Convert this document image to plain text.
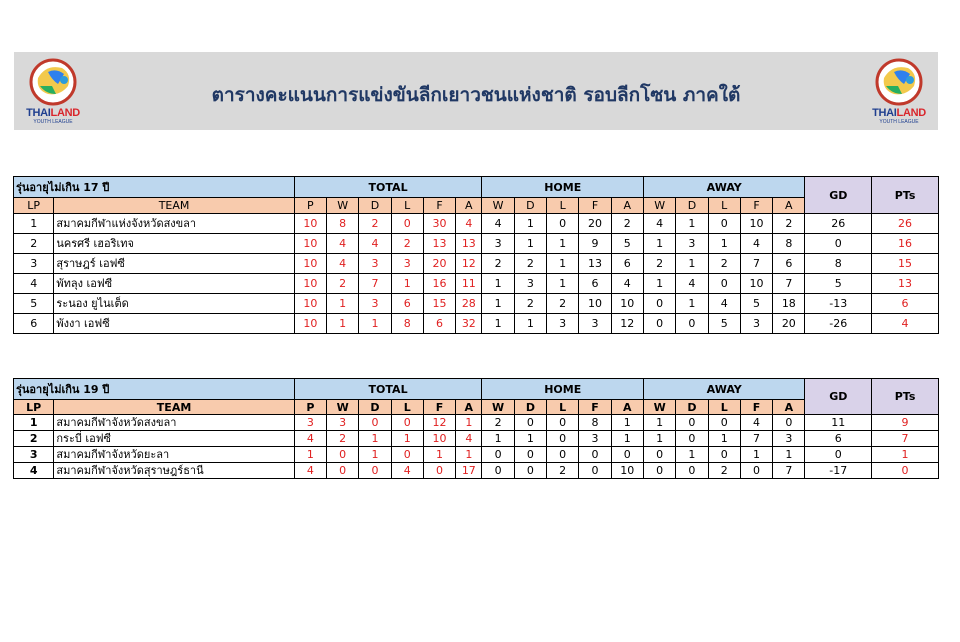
THAILAND
YOUTH LEAGUE
ตารางคะแนนการแข่งขันลีกเยาวชนแห่งชาติ รอบลีกโซน ภาคใต้
THAILAND
YOUTH LEAGUE
รุ่นอายุไม่เกิน 17 ปี		TOTAL						HOME					AWAY					GD	PTs
LP	TEAM	P	W	D	L	F	A	W	D	L	F	A	W	D	L	F	A		
1	สมาคมกีฬาแห่งจังหวัดสงขลา	10	8	2	0	30	4	4	1	0	20	2	4	1	0	10	2	26	26
2	นครศรี เฮอริเทจ	10	4	4	2	13	13	3	1	1	9	5	1	3	1	4	8	0	16
3	สุราษฎร์ เอฟซี	10	4	3	3	20	12	2	2	1	13	6	2	1	2	7	6	8	15
4	พัทลุง เอฟซี	10	2	7	1	16	11	1	3	1	6	4	1	4	0	10	7	5	13
5	ระนอง ยูไนเต็ด	10	1	3	6	15	28	1	2	2	10	10	0	1	4	5	18	-13	6
6	พังงา เอฟซี	10	1	1	8	6	32	1	1	3	3	12	0	0	5	3	20	-26	4
รุ่นอายุไม่เกิน 19 ปี		TOTAL						HOME					AWAY					GD	PTs
LP	TEAM	P	W	D	L	F	A	W	D	L	F	A	W	D	L	F	A		
1	สมาคมกีฬาจังหวัดสงขลา	3	3	0	0	12	1	2	0	0	8	1	1	0	0	4	0	11	9
2	กระบี่ เอฟซี	4	2	1	1	10	4	1	1	0	3	1	1	0	1	7	3	6	7
3	สมาคมกีฬาจังหวัดยะลา	1	0	1	0	1	1	0	0	0	0	0	0	1	0	1	1	0	1
4	สมาคมกีฬาจังหวัดสุราษฎร์ธานี	4	0	0	4	0	17	0	0	2	0	10	0	0	2	0	7	-17	0
